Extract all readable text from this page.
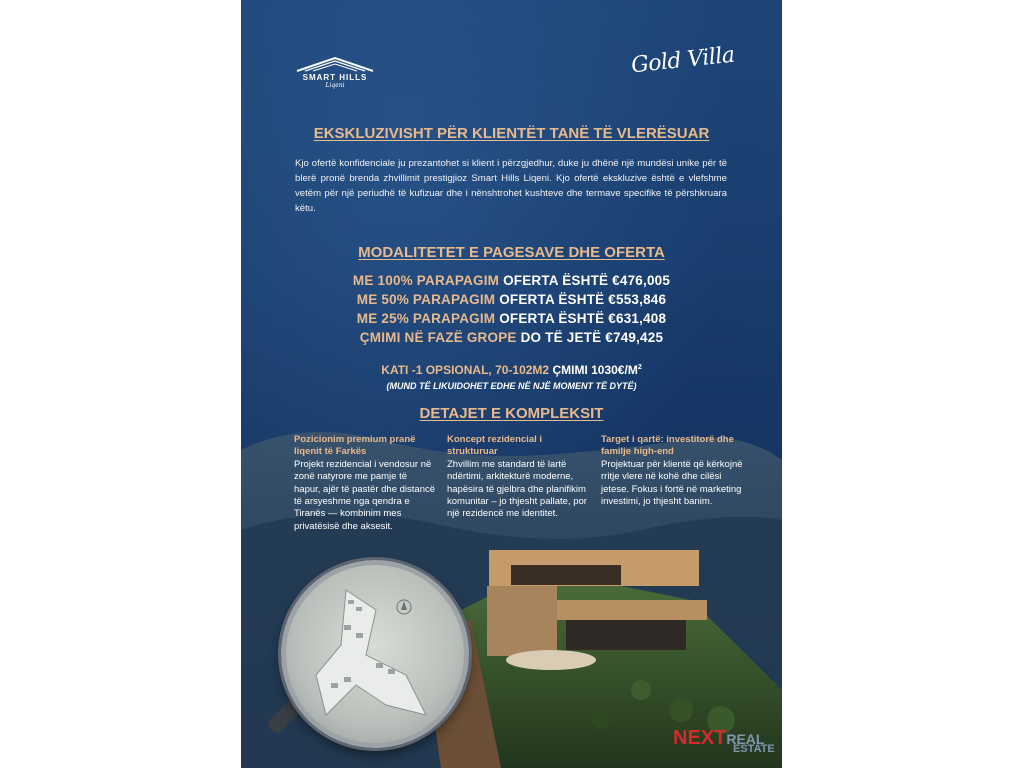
SMART HILLS
Liqeni
Gold Villa
EKSKLUZIVISHT PËR KLIENTËT TANË TË VLERËSUAR
Kjo ofertë konfidenciale ju prezantohet si klient i përzgjedhur, duke ju dhënë një mundësi unike për të blerë pronë brenda zhvillimit prestigjioz Smart Hills Liqeni. Kjo ofertë ekskluzive është e vlefshme vetëm për një periudhë të kufizuar dhe i nënshtrohet kushteve dhe termave specifike të përshkruara këtu.
MODALITETET E PAGESAVE DHE OFERTA
ME 100% PARAPAGIM OFERTA ËSHTË €476,005
ME 50% PARAPAGIM OFERTA ËSHTË €553,846
ME 25% PARAPAGIM OFERTA ËSHTË €631,408
ÇMIMI NË FAZË GROPE DO TË JETË €749,425
KATI -1 OPSIONAL, 70-102M2 ÇMIMI $1030€/M^2$
(MUND TË LIKUIDOHET EDHE NË NJË MOMENT TË DYTË)
DETAJET E KOMPLEKSIT
Pozicionim premium pranë liqenit të Farkës
Projekt rezidencial i vendosur në zonë natyrore me pamje të hapur, ajër të pastër dhe distancë të arsyeshme nga qendra e Tiranës — kombinim mes privatësisë dhe aksesit.
Koncept rezidencial i strukturuar
Zhvillim me standard të lartë ndërtimi, arkitekturë moderne, hapësira të gjelbra dhe planifikim komunitar – jo thjesht pallate, por një rezidencë me identitet.
Target i qartë: investitorë dhe familje high-end
Projektuar për klientë që kërkojnë rritje vlere në kohë dhe cilësi jetese. Fokus i fortë në marketing investimi, jo thjesht banim.
NEXTREAL
ESTATE
